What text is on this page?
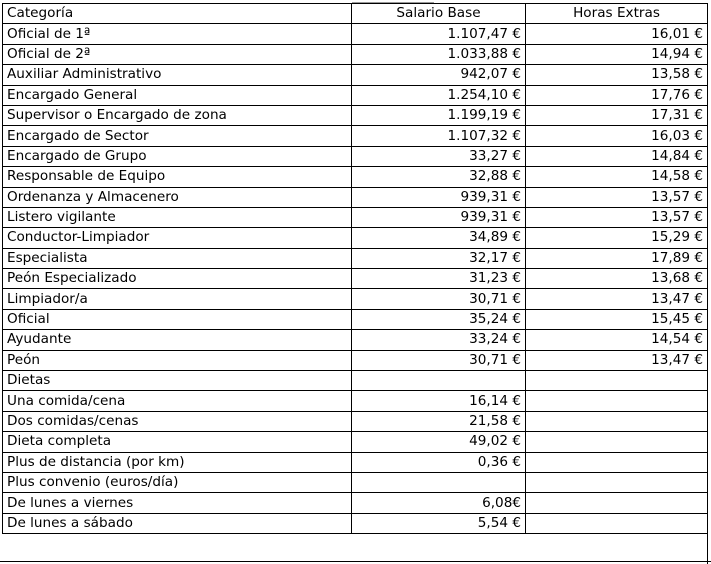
Categoría	Salario Base	Horas Extras
Oficial de 1ª	1.107,47 €	16,01 €
Oficial de 2ª	1.033,88 €	14,94 €
Auxiliar Administrativo	942,07 €	13,58 €
Encargado General	1.254,10 €	17,76 €
Supervisor o Encargado de zona	1.199,19 €	17,31 €
Encargado de Sector	1.107,32 €	16,03 €
Encargado de Grupo	33,27 €	14,84 €
Responsable de Equipo	32,88 €	14,58 €
Ordenanza y Almacenero	939,31 €	13,57 €
Listero vigilante	939,31 €	13,57 €
Conductor-Limpiador	34,89 €	15,29 €
Especialista	32,17 €	17,89 €
Peón Especializado	31,23 €	13,68 €
Limpiador/a	30,71 €	13,47 €
Oficial	35,24 €	15,45 €
Ayudante	33,24 €	14,54 €
Peón	30,71 €	13,47 €
Dietas		
Una comida/cena	16,14 €	
Dos comidas/cenas	21,58 €	
Dieta completa	49,02 €	
Plus de distancia (por km)	0,36 €	
Plus convenio (euros/día)		
De lunes a viernes	6,08€	
De lunes a sábado	5,54 €	
